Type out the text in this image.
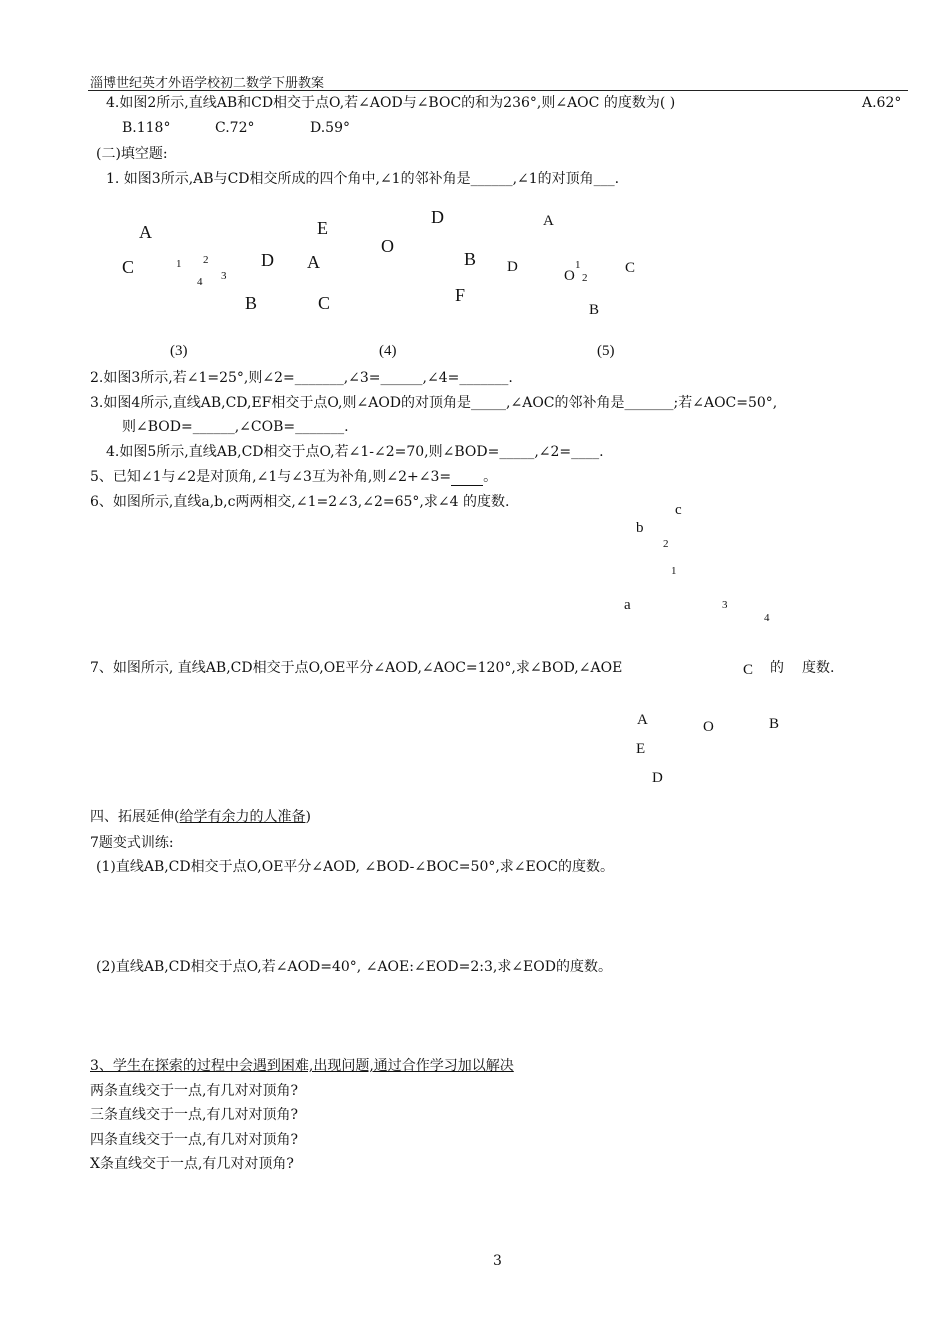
淄博世纪英才外语学校初二数学下册教案
4.如图2所示,直线AB和CD相交于点O,若∠AOD与∠BOC的和为236°,则∠AOC 的度数为( )	A.62°
B.118°	C.72°	D.59°
(二)填空题:
1. 如图3所示,AB与CD相交所成的四个角中,∠1的邻补角是______,∠1的对顶角___.
A
C	1 2
4 3
D
B
(3)
E
A
C
O
D
B
F
(4)
A
D
O
1
2
C
B
(5)
2.如图3所示,若∠1=25°,则∠2=_______,∠3=______,∠4=_______.
3.如图4所示,直线AB,CD,EF相交于点O,则∠AOD的对顶角是_____,∠AOC的邻补角是_______;若∠AOC=50°,
则∠BOD=______,∠COB=_______.
4.如图5所示,直线AB,CD相交于点O,若∠1-∠2=70,则∠BOD=_____,∠2=____.
5、已知∠1与∠2是对顶角,∠1与∠3互为补角,则∠2+∠3= 。
6、如图所示,直线a,b,c两两相交,∠1=2∠3,∠2=65°,求∠4 的度数.	c
b
2
1
a	3
4
7、如图所示, 直线AB,CD相交于点O,OE平分∠AOD,∠AOC=120°,求∠BOD,∠AOE	C 的 度数.
A	O	B
E
D
四、拓展延伸(给学有余力的人准备)
7题变式训练:
(1)直线AB,CD相交于点O,OE平分∠AOD, ∠BOD-∠BOC=50°,求∠EOC的度数。
(2)直线AB,CD相交于点O,若∠AOD=40°, ∠AOE:∠EOD=2:3,求∠EOD的度数。
3、学生在探索的过程中会遇到困难,出现问题,通过合作学习加以解决
两条直线交于一点,有几对对顶角?
三条直线交于一点,有几对对顶角?
四条直线交于一点,有几对对顶角?
X条直线交于一点,有几对对顶角?
3
